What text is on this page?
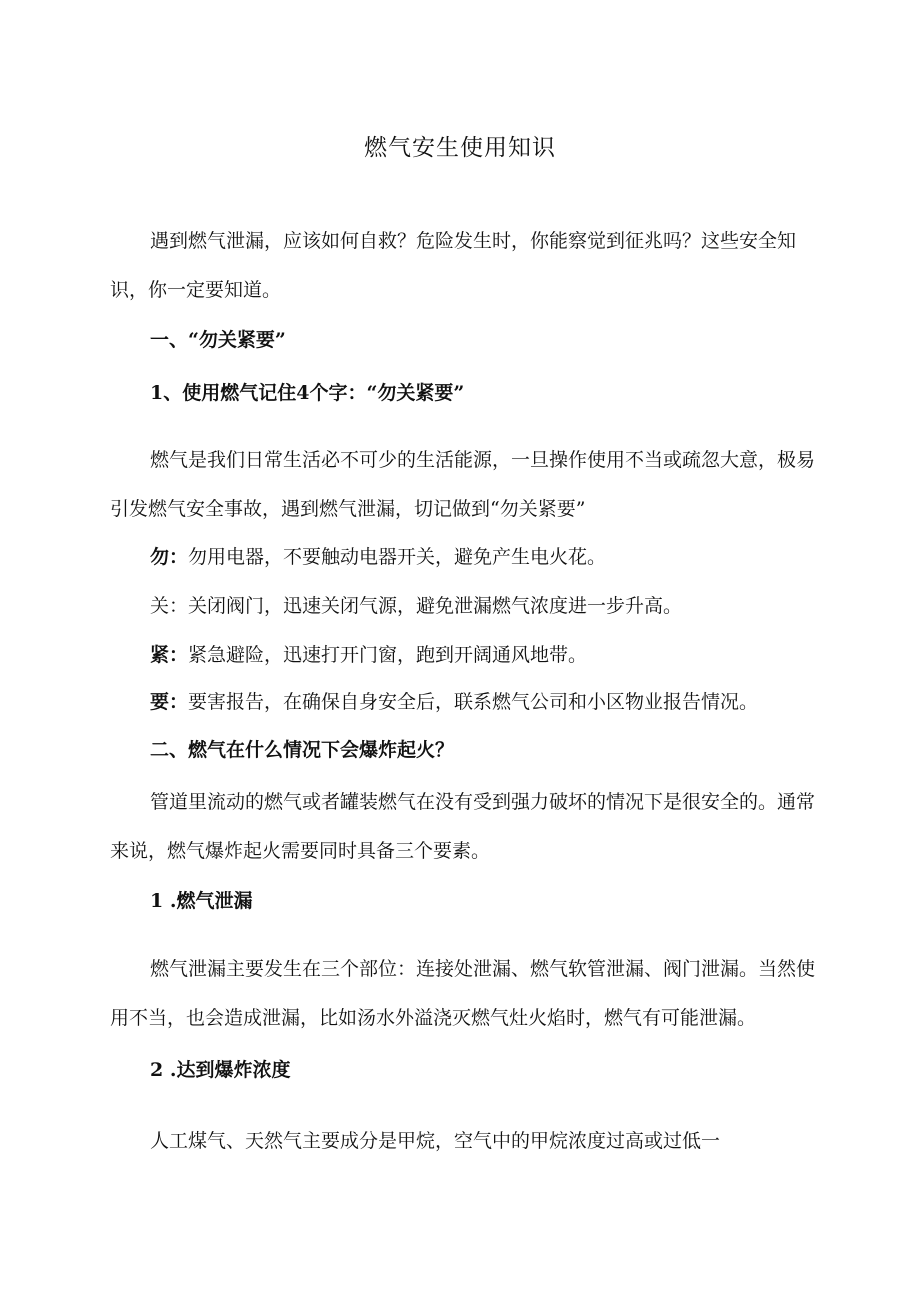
燃气安生使用知识
遇到燃气泄漏，应该如何自救？危险发生时，你能察觉到征兆吗？这些安全知识，你一定要知道。
一、“勿关紧要”
1、使用燃气记住4个字：“勿关紧要”
燃气是我们日常生活必不可少的生活能源，一旦操作使用不当或疏忽大意，极易引发燃气安全事故，遇到燃气泄漏，切记做到“勿关紧要”
勿：勿用电器，不要触动电器开关，避免产生电火花。
关：关闭阀门，迅速关闭气源，避免泄漏燃气浓度进一步升高。
紧：紧急避险，迅速打开门窗，跑到开阔通风地带。
要：要害报告，在确保自身安全后，联系燃气公司和小区物业报告情况。
二、燃气在什么情况下会爆炸起火？
管道里流动的燃气或者罐装燃气在没有受到强力破坏的情况下是很安全的。通常来说，燃气爆炸起火需要同时具备三个要素。
1 .燃气泄漏
燃气泄漏主要发生在三个部位：连接处泄漏、燃气软管泄漏、阀门泄漏。当然使用不当，也会造成泄漏，比如汤水外溢浇灭燃气灶火焰时，燃气有可能泄漏。
2 .达到爆炸浓度
人工煤气、天然气主要成分是甲烷，空气中的甲烷浓度过高或过低一
